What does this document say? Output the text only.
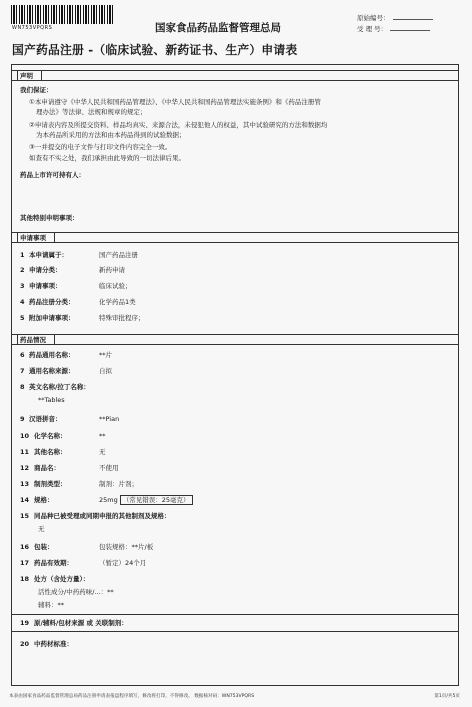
WN753VPQRS	国家食品药品监督管理总局
原始编号：
受 理 号：
国产药品注册 -（临床试验、新药证书、生产）申请表
声明
我们保证：
①本申请遵守《中华人民共和国药品管理法》、《中华人民共和国药品管理法实施条例》和《药品注册管
理办法》等法律、法规和规章的规定；
②申请表内容及所提交资料、样品均真实、来源合法，未侵犯他人的权益，其中试验研究的方法和数据均
为本药品所采用的方法和由本药品得到的试验数据；
③一并提交的电子文件与打印文件内容完全一致。
如查有不实之处，我们承担由此导致的一切法律后果。
药品上市许可持有人：
其他特别申明事项：
申请事项
1 本申请属于：	国产药品注册
2 申请分类：	新药申请
3 申请事项：	临床试验；
4 药品注册分类：	化学药品1类
5 附加申请事项：	特殊审批程序；
药品情况
6 药品通用名称：	**片
7 通用名称来源：	自拟
8 英文名称/拉丁名称：
**Tables
9 汉语拼音：	**Pian
10 化学名称：	**
11 其他名称：	无
12 商品名：	不使用
13 制剂类型：	制剂：片剂；
14 规格：	25mg （常见错误：25毫克）
15 同品种已被受理或同期申报的其他制剂及规格：
无
16 包装：	包装规格：**片/板
17 药品有效期：	（暂定）24个月
18 处方（含处方量）：
活性成分/中药药味/...：**
辅料：**
19 原/辅料/包材来源 或 关联制剂：
20 中药材标准：
本表由国家食品药品监督管理总局药品注册申请表报盘程序填写，修改将打印，不得修改。 数据核对码：WN753VPQRS	第1页/共5页
